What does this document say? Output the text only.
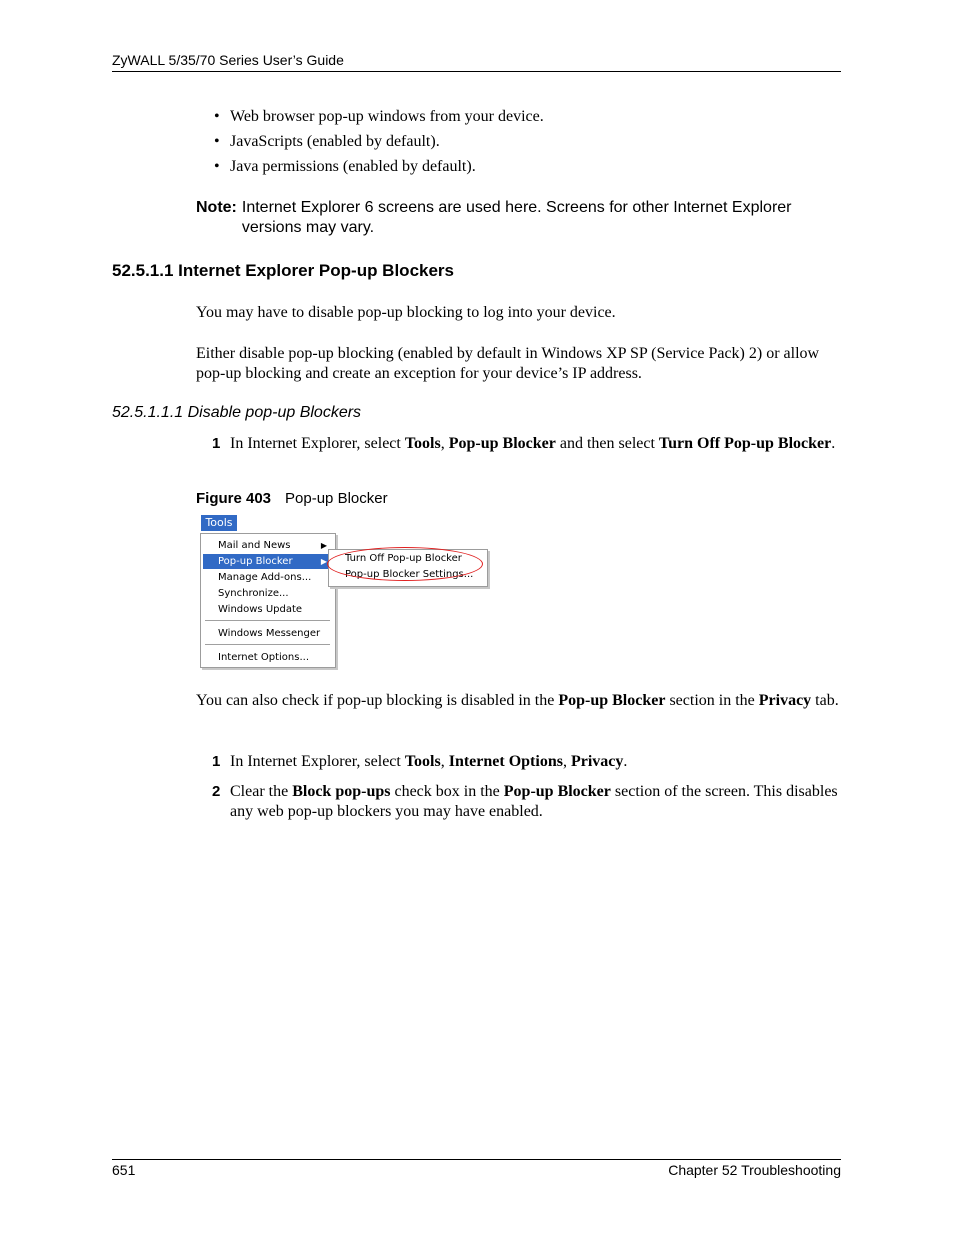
ZyWALL 5/35/70 Series User’s Guide
• Web browser pop-up windows from your device.
• JavaScripts (enabled by default).
• Java permissions (enabled by default).
Note: Internet Explorer 6 screens are used here. Screens for other Internet Explorer versions may vary.
52.5.1.1 Internet Explorer Pop-up Blockers
You may have to disable pop-up blocking to log into your device.
Either disable pop-up blocking (enabled by default in Windows XP SP (Service Pack) 2) or allow pop-up blocking and create an exception for your device’s IP address.
52.5.1.1.1 Disable pop-up Blockers
1 In Internet Explorer, select Tools, Pop-up Blocker and then select Turn Off Pop-up Blocker.
Figure 403 Pop-up Blocker
Tools
Mail and News	▶
Pop-up Blocker	▶
Manage Add-ons...
Synchronize...
Windows Update
Windows Messenger
Internet Options...
Turn Off Pop-up Blocker
Pop-up Blocker Settings...
You can also check if pop-up blocking is disabled in the Pop-up Blocker section in the Privacy tab.
1 In Internet Explorer, select Tools, Internet Options, Privacy.
2 Clear the Block pop-ups check box in the Pop-up Blocker section of the screen. This disables any web pop-up blockers you may have enabled.
651	Chapter 52 Troubleshooting
